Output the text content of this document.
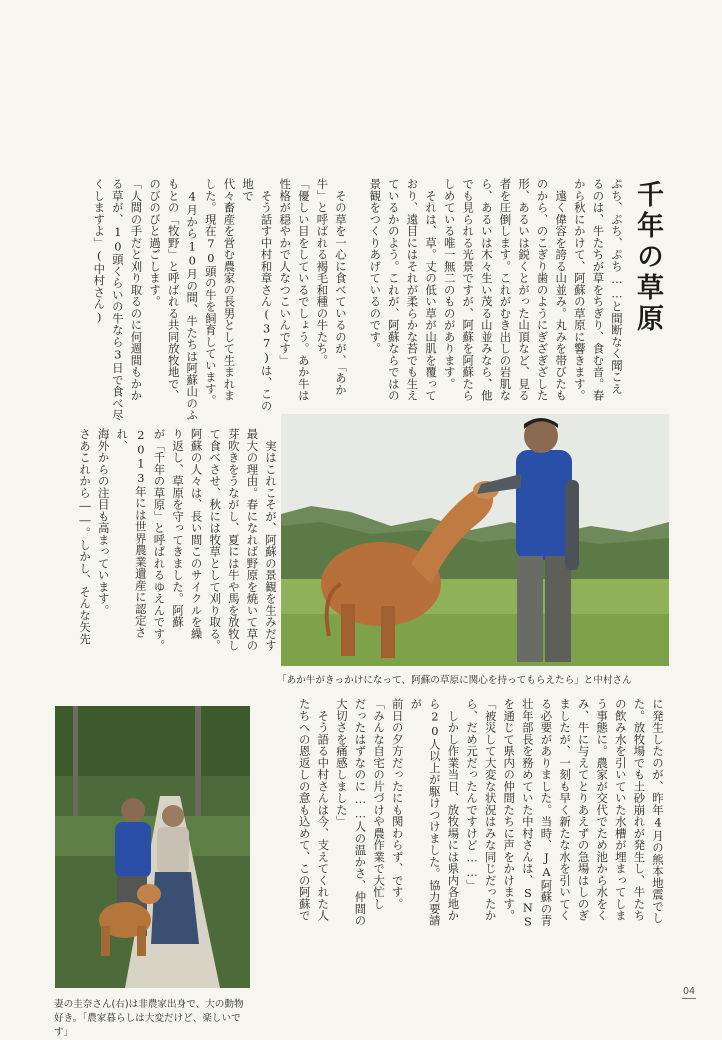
千年の草原

ぷち、ぷち、ぷち……と間断なく聞こえ
るのは、牛たちが草をちぎり、食む音。春
から秋にかけて、阿蘇の草原に響きます。
　遠く偉容を誇る山並み。丸みを帯びたも
のから、のこぎり歯のようにぎざぎざした
形、あるいは鋭くとがった山頂など、見る
者を圧倒します。これがむき出しの岩肌な
ら、あるいは木々生い茂る山並みなら、他
でも見られる光景ですが、阿蘇を阿蘇たら
しめている唯一無二のものがあります。
　それは、草。丈の低い草が山肌を覆って
おり、遠目にはそれが柔らかな苔でも生え
ているかのよう。これが、阿蘇ならではの
景観をつくりあげているのです。

　その草を一心に食べているのが、「あか
牛」と呼ばれる褐毛和種の牛たち。
「優しい目をしているでしょう。あか牛は
性格が穏やかで人なつこいんです」
　そう話す中村和章さん(37)は、この地で
代々畜産を営む農家の長男として生まれま
した。現在70頭の牛を飼育しています。
　4月から10月の間、牛たちは阿蘇山のふ
もとの「牧野」と呼ばれる共同放牧地で、
のびのびと過ごします。
「人間の手だと刈り取るのに何週間もかか
る草が、10頭くらいの牛なら3日で食べ尽
くしますよ」(中村さん)

　実はこれこそが、阿蘇の景観を生みだす
最大の理由。春になれば野原を焼いて草の
芽吹きをうながし、夏には牛や馬を放牧し
て食べさせ、秋には牧草として刈り取る。
阿蘇の人々は、長い間このサイクルを繰
り返し、草原を守ってきました。阿蘇
が「千年の草原」と呼ばれるゆえんです。
2013年には世界農業遺産に認定され、
海外からの注目も高まっています。
さあこれから――。しかし、そんな矢先

に発生したのが、昨年4月の熊本地震でし
た。放牧場でも土砂崩れが発生し、牛たち
の飲み水を引いていた水槽が埋まってしま
う事態に。農家が交代でため池から水をく
み、牛に与えてとりあえずの急場はしのぎ
ましたが、一刻も早く新たな水を引いてく
る必要がありました。当時、JA阿蘇の青
壮年部長を務めていた中村さんは、SNS
を通じて県内の仲間たちに声をかけます。
「被災して大変な状況はみな同じだったか
ら、だめ元だったんですけど……」
　しかし作業当日、放牧場には県内各地か
ら20人以上が駆けつけました。協力要請が
前日の夕方だったにも関わらず、です。
「みんな自宅の片づけや農作業で大忙し
だったはずなのに……人の温かさ、仲間の
大切さを痛感しました」
　そう語る中村さんは今、支えてくれた人
たちへの恩返しの意も込めて、この阿蘇で

「あか牛がきっかけになって、阿蘇の草原に関心を持ってもらえたら」と中村さん

妻の圭奈さん(右)は非農家出身で、大の動物
好き。「農家暮らしは大変だけど、楽しいです」
04
